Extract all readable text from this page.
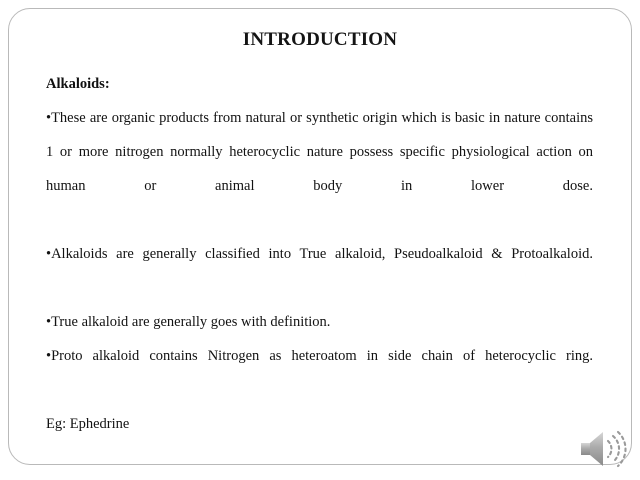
INTRODUCTION

Alkaloids:

•These are organic products from natural or synthetic origin which is basic in nature contains 1 or more nitrogen normally heterocyclic nature possess specific physiological action on human or animal body in lower dose.

•Alkaloids are generally classified into True alkaloid, Pseudoalkaloid & Protoalkaloid.

•True alkaloid are generally goes with definition.

•Proto alkaloid contains Nitrogen as heteroatom in side chain of heterocyclic ring.

Eg: Ephedrine
